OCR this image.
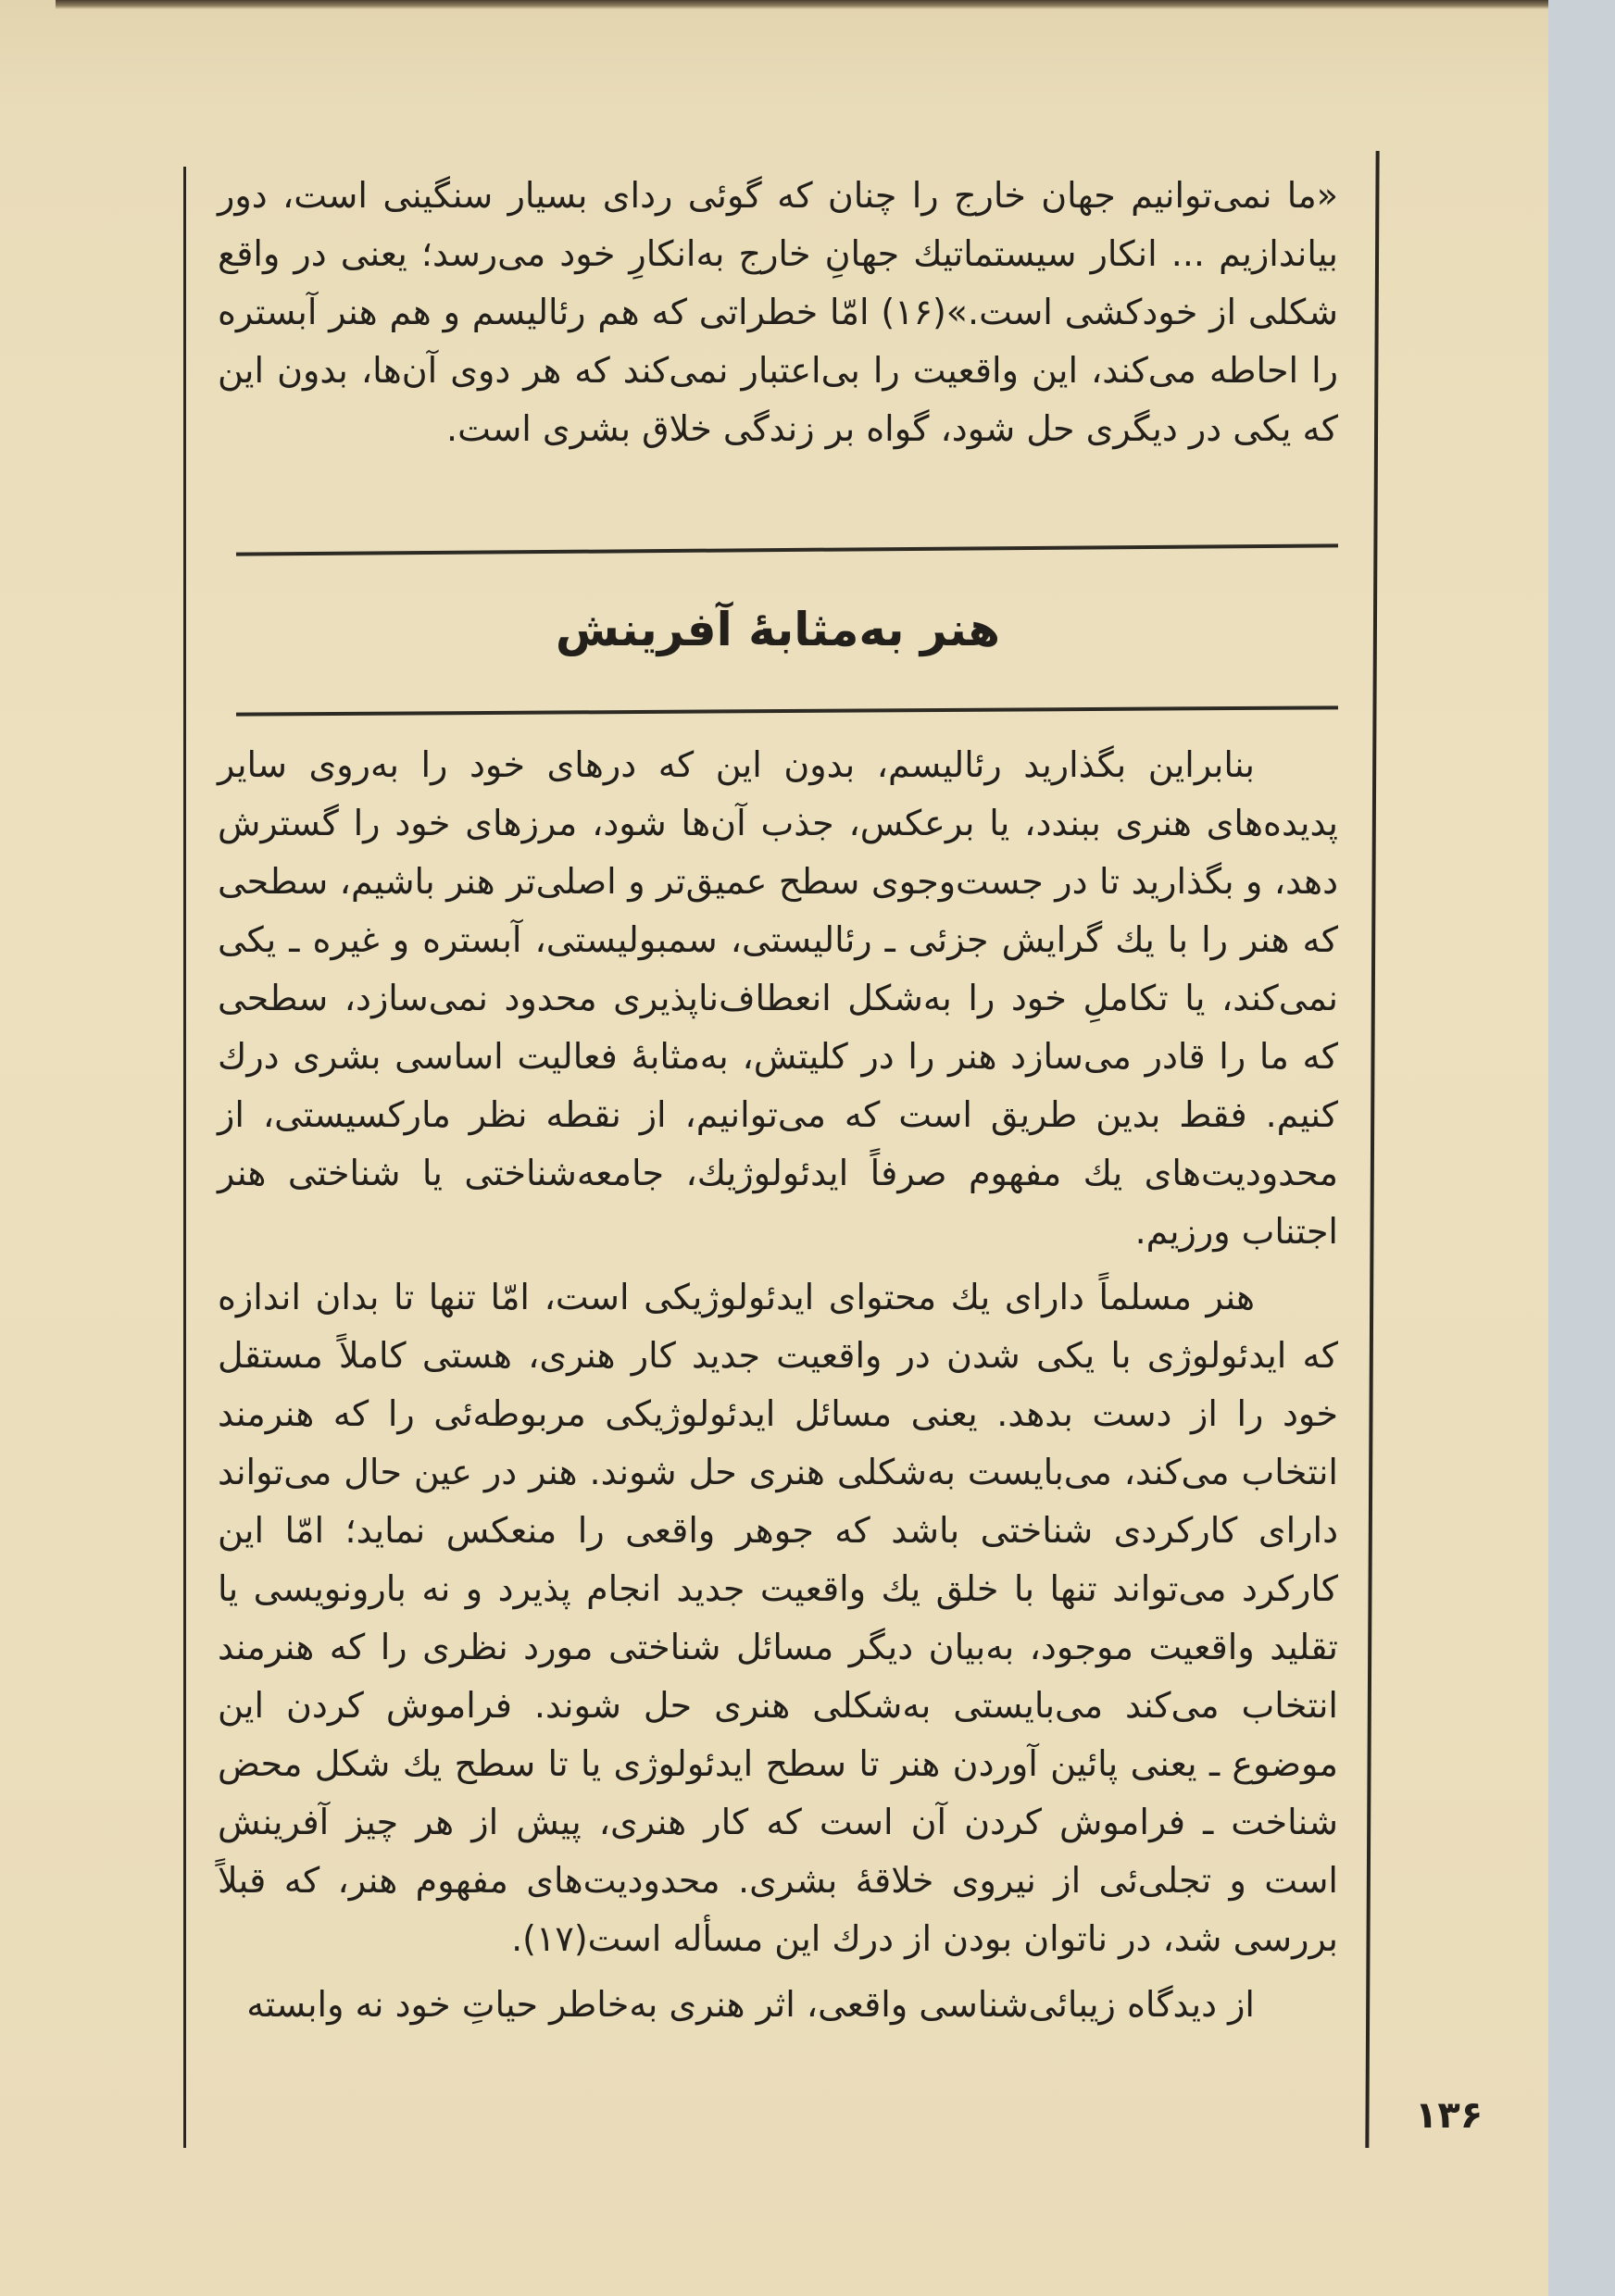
«ما نمی‌توانیم جهان خارج را چنان که گوئی ردای بسیار سنگینی است، دور بیاندازیم ... انکار سیستماتیك جهانِ خارج به‌انکارِ خود می‌رسد؛ یعنی در واقع شکلی از خودکشی است.»(۱۶) امّا خطراتی که هم رئالیسم و هم هنر آبستره را احاطه می‌کند، این واقعیت را بی‌اعتبار نمی‌کند که هر دوی آن‌ها، بدون این که یکی در دیگری حل شود، گواه بر زندگی خلاق بشری است.

هنر به‌مثابهٔ آفرینش

بنابراین بگذارید رئالیسم، بدون این که درهای خود را به‌روی سایر پدیده‌های هنری ببندد، یا برعکس، جذب آن‌ها شود، مرزهای خود را گسترش دهد، و بگذارید تا در جست‌وجوی سطح عمیق‌تر و اصلی‌تر هنر باشیم، سطحی که هنر را با یك گرایش جزئی ـ رئالیستی، سمبولیستی، آبستره و غیره ـ یکی نمی‌کند، یا تکاملِ خود را به‌شکل انعطاف‌ناپذیری محدود نمی‌سازد، سطحی که ما را قادر می‌سازد هنر را در کلیتش، به‌مثابهٔ فعالیت اساسی بشری درك کنیم. فقط بدین طریق است که می‌توانیم، از نقطه نظر مارکسیستی، از محدودیت‌های یك مفهوم صرفاً ایدئولوژیك، جامعه‌شناختی یا شناختی هنر اجتناب ورزیم.

هنر مسلماً دارای یك محتوای ایدئولوژیکی است، امّا تنها تا بدان اندازه که ایدئولوژی با یکی شدن در واقعیت جدید کار هنری، هستی کاملاً مستقل خود را از دست بدهد. یعنی مسائل ایدئولوژیکی مربوطه‌ئی را که هنرمند انتخاب می‌کند، می‌بایست به‌شکلی هنری حل شوند. هنر در عین حال می‌تواند دارای کارکردی شناختی باشد که جوهر واقعی را منعکس نماید؛ امّا این کارکرد می‌تواند تنها با خلق یك واقعیت جدید انجام پذیرد و نه بارونویسی یا تقلید واقعیت موجود، به‌بیان دیگر مسائل شناختی مورد نظری را که هنرمند انتخاب می‌کند می‌بایستی به‌شکلی هنری حل شوند. فراموش کردن این موضوع ـ یعنی پائین آوردن هنر تا سطح ایدئولوژی یا تا سطح یك شکل محض شناخت ـ فراموش کردن آن است که کار هنری، پیش از هر چیز آفرینش است و تجلی‌ئی از نیروی خلاقهٔ بشری. محدودیت‌های مفهوم هنر، که قبلاً بررسی شد، در ناتوان بودن از درك این مسأله است(۱۷).

از دیدگاه زیبائی‌شناسی واقعی، اثر هنری به‌خاطر حیاتِ خود نه وابسته

۱۳۶
